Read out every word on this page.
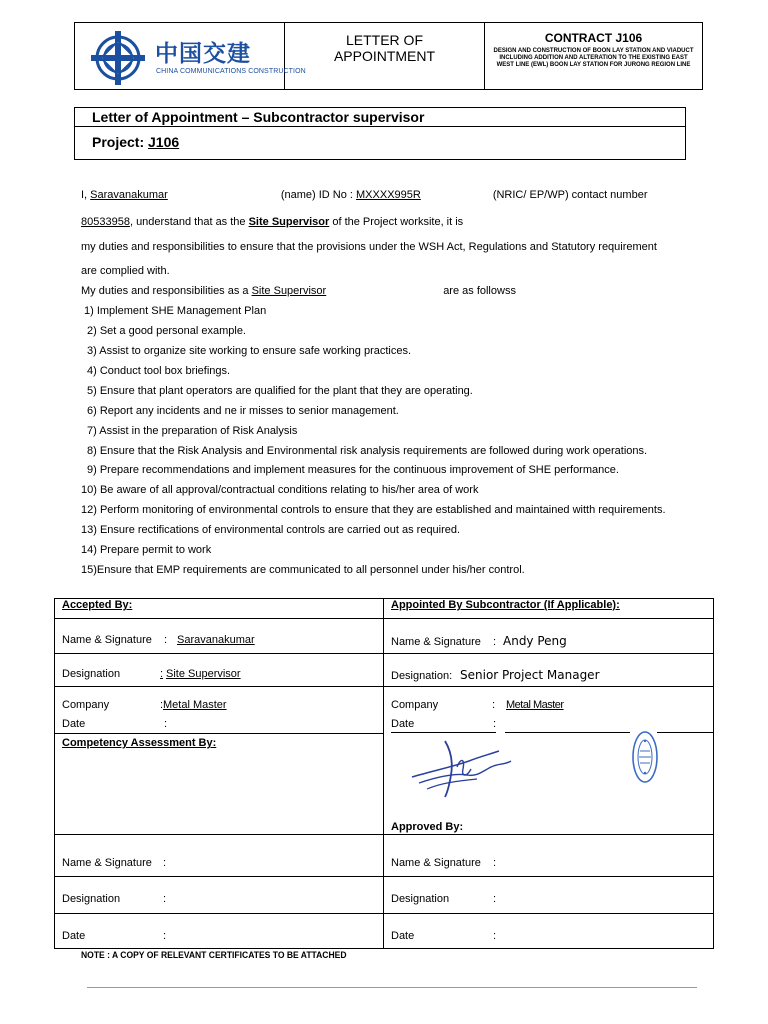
中国交建
CHINA COMMUNICATIONS CONSTRUCTION
LETTER OF
APPOINTMENT
CONTRACT J106
DESIGN AND CONSTRUCTION OF BOON LAY STATION AND VIADUCT INCLUDING ADDITION AND ALTERATION TO THE EXISTING EAST WEST LINE (EWL) BOON LAY STATION FOR JURONG REGION LINE
Letter of Appointment – Subcontractor supervisor
Project: J106
I, Saravanakumar	(name) ID No : MXXXX995R	(NRIC/ EP/WP) contact number
80533958, understand that as the Site Supervisor of the Project worksite, it is
my duties and responsibilities to ensure that the provisions under the WSH Act, Regulations and Statutory requirement
are complied with.
My duties and responsibilities as a Site Supervisor	are as followss
1) Implement SHE Management Plan
2) Set a good personal example.
3) Assist to organize site working to ensure safe working practices.
4) Conduct tool box briefings.
5) Ensure that plant operators are qualified for the plant that they are operating.
6) Report any incidents and ne ir misses to senior management.
7) Assist in the preparation of Risk Analysis
8) Ensure that the Risk Analysis and Environmental risk analysis requirements are followed during work operations.
9) Prepare recommendations and implement measures for the continuous improvement of SHE performance.
10) Be aware of all approval/contractual conditions relating to his/her area of work
12) Perform monitoring of environmental controls to ensure that they are established and maintained witth requirements.
13) Ensure rectifications of environmental controls are carried out as required.
14) Prepare permit to work
15)Ensure that EMP requirements are communicated to all personnel under his/her control.
Accepted By:	Appointed By Subcontractor (If Applicable):
Name & Signature : Saravanakumar	Name & Signature : Andy Peng
Designation	: Site Supervisor	Designation: Senior Project Manager
Company	: Metal Master	Company	: Metal Master
Date	:	Date	:
Competency Assessment By:
Approved By:
Name & Signature :	Name & Signature :
Designation	:	Designation	:
Date	:	Date	:
NOTE : A COPY OF RELEVANT CERTIFICATES TO BE ATTACHED
